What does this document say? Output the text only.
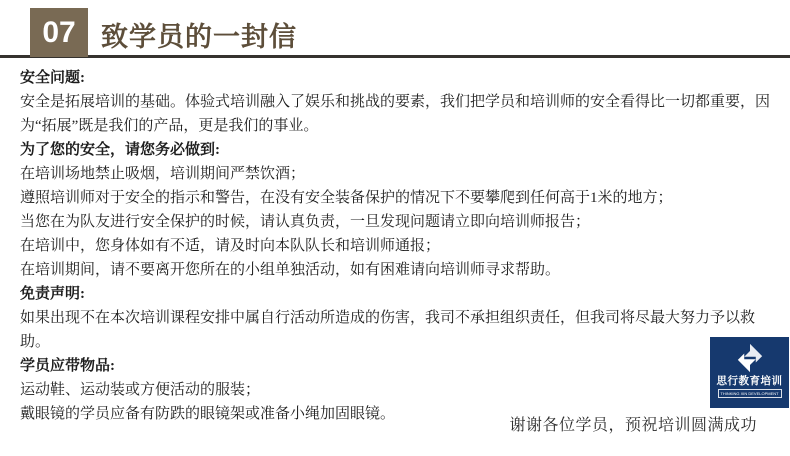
07 致学员的一封信
安全问题:

安全是拓展培训的基础。体验式培训融入了娱乐和挑战的要素，我们把学员和培训师的安全看得比一切都重要，因为“拓展”既是我们的产品，更是我们的事业。

为了您的安全，请您务必做到:
在培训场地禁止吸烟，培训期间严禁饮酒；
遵照培训师对于安全的指示和警告，在没有安全装备保护的情况下不要攀爬到任何高于1米的地方；
当您在为队友进行安全保护的时候，请认真负责，一旦发现问题请立即向培训师报告；
在培训中，您身体如有不适，请及时向本队队长和培训师通报；
在培训期间，请不要离开您所在的小组单独活动，如有困难请向培训师寻求帮助。
免责声明:
如果出现不在本次培训课程安排中属自行活动所造成的伤害，我司不承担组织责任，但我司将尽最大努力予以救助。
学员应带物品:
运动鞋、运动装或方便活动的服装；
戴眼镜的学员应备有防跌的眼镜架或准备小绳加固眼镜。
思行教育培训
THINKING XIN DEVELOPMENT
谢谢各位学员，预祝培训圆满成功
